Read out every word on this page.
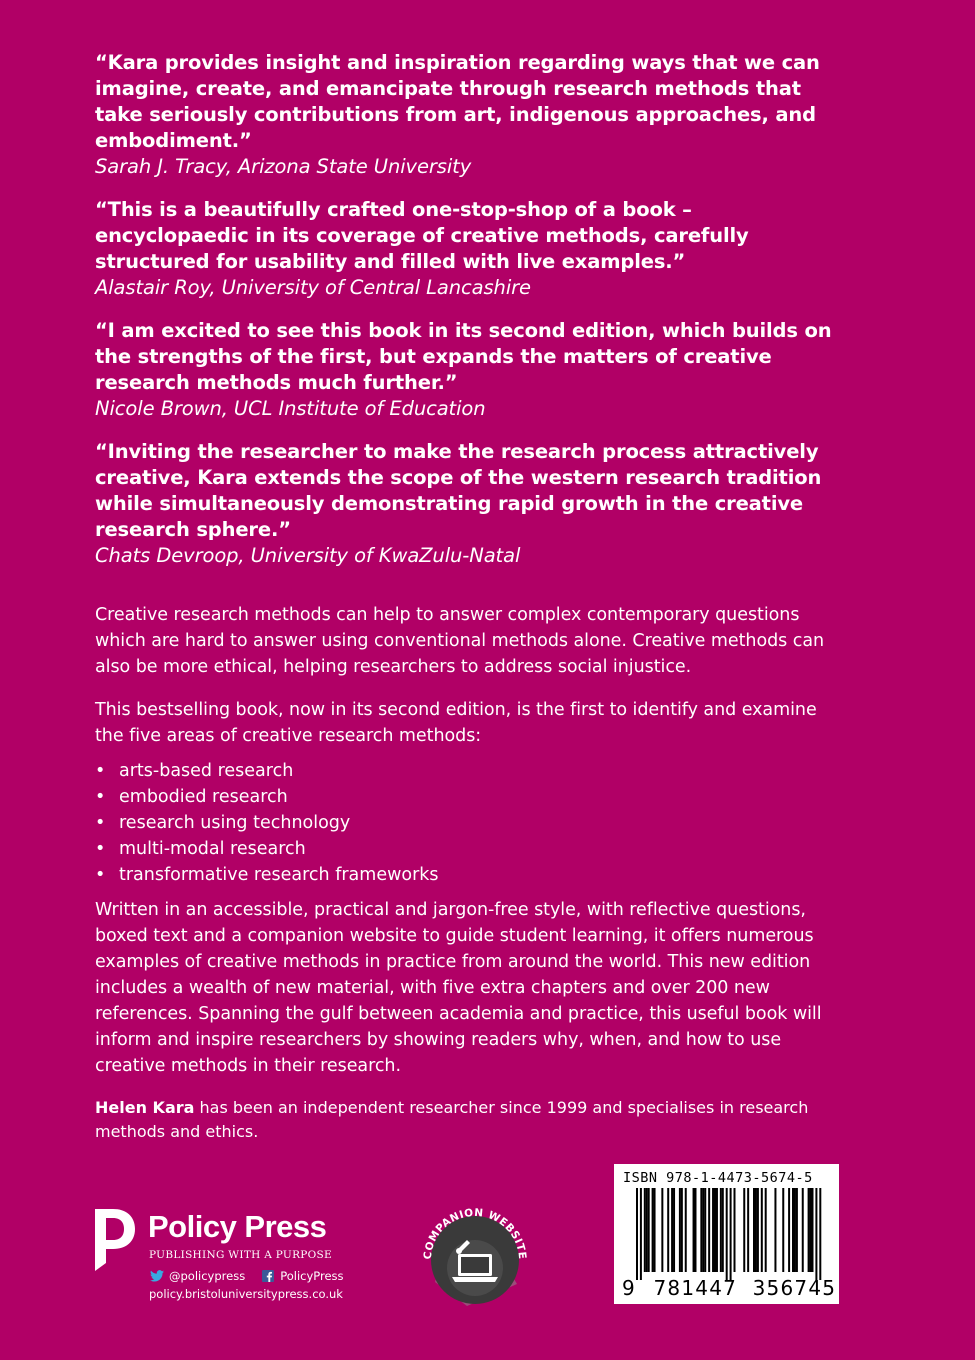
“Kara provides insight and inspiration regarding ways that we can imagine, create, and emancipate through research methods that take seriously contributions from art, indigenous approaches, and embodiment.”

Sarah J. Tracy, Arizona State University

“This is a beautifully crafted one-stop-shop of a book – encyclopaedic in its coverage of creative methods, carefully structured for usability and filled with live examples.”

Alastair Roy, University of Central Lancashire

“I am excited to see this book in its second edition, which builds on the strengths of the first, but expands the matters of creative research methods much further.”

Nicole Brown, UCL Institute of Education

“Inviting the researcher to make the research process attractively creative, Kara extends the scope of the western research tradition while simultaneously demonstrating rapid growth in the creative research sphere.”

Chats Devroop, University of KwaZulu-Natal

Creative research methods can help to answer complex contemporary questions which are hard to answer using conventional methods alone. Creative methods can also be more ethical, helping researchers to address social injustice.

This bestselling book, now in its second edition, is the first to identify and examine the five areas of creative research methods:

• arts-based research
• embodied research
• research using technology
• multi-modal research
• transformative research frameworks

Written in an accessible, practical and jargon-free style, with reflective questions, boxed text and a companion website to guide student learning, it offers numerous examples of creative methods in practice from around the world. This new edition includes a wealth of new material, with five extra chapters and over 200 new references. Spanning the gulf between academia and practice, this useful book will inform and inspire researchers by showing readers why, when, and how to use creative methods in their research.

Helen Kara has been an independent researcher since 1999 and specialises in research methods and ethics.

Policy Press
PUBLISHING WITH A PURPOSE
@policypress	PolicyPress
policy.bristoluniversitypress.co.uk
COMPANION WEBSITE
ISBN 978-1-4473-5674-5
9 781447 356745
